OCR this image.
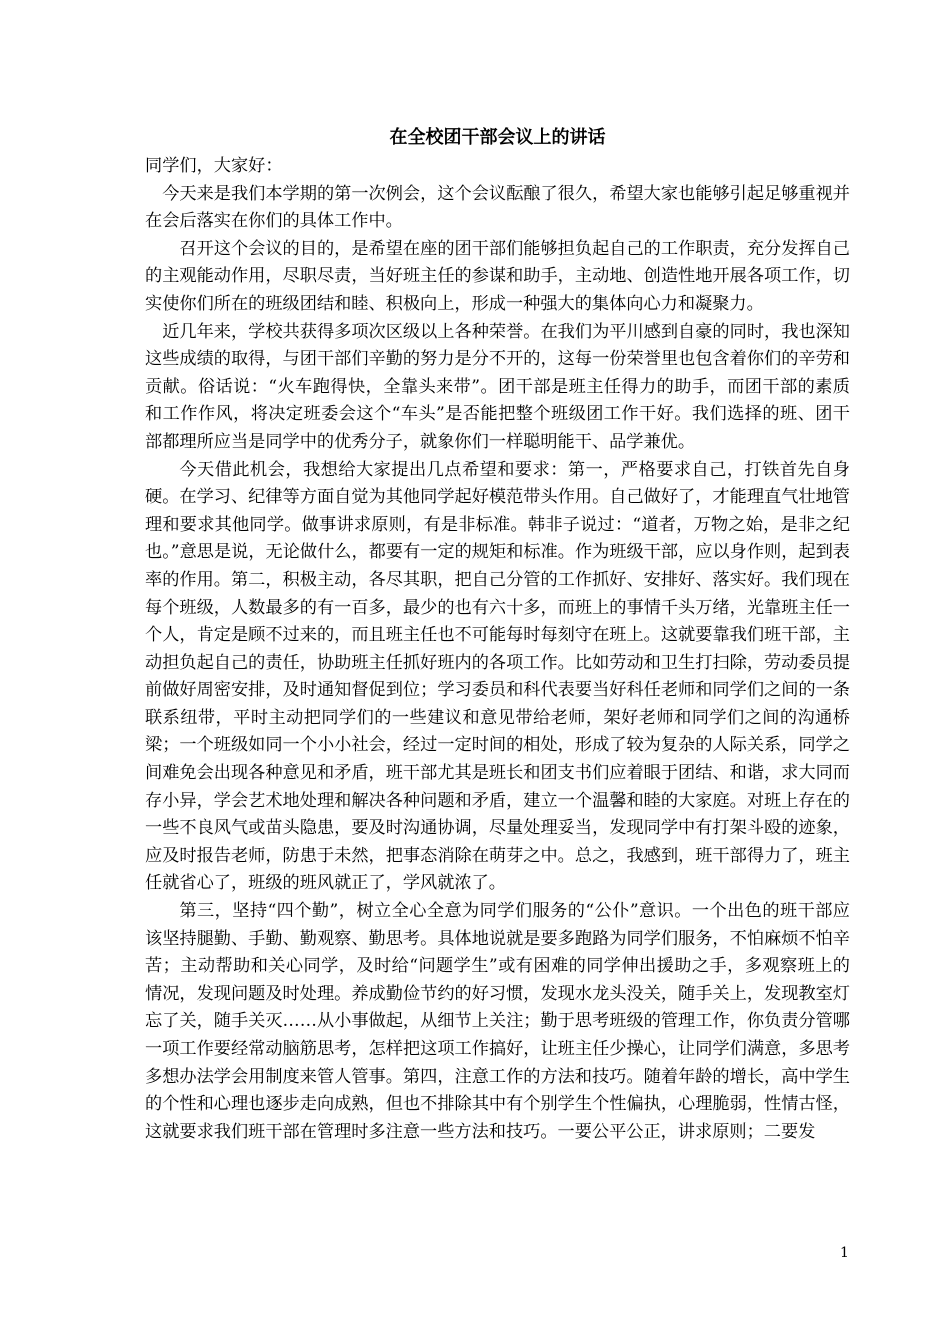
在全校团干部会议上的讲话

同学们，大家好：

今天来是我们本学期的第一次例会，这个会议酝酿了很久，希望大家也能够引起足够重视并在会后落实在你们的具体工作中。

召开这个会议的目的，是希望在座的团干部们能够担负起自己的工作职责，充分发挥自己的主观能动作用，尽职尽责，当好班主任的参谋和助手，主动地、创造性地开展各项工作，切实使你们所在的班级团结和睦、积极向上，形成一种强大的集体向心力和凝聚力。

近几年来，学校共获得多项次区级以上各种荣誉。在我们为平川感到自豪的同时，我也深知这些成绩的取得，与团干部们辛勤的努力是分不开的，这每一份荣誉里也包含着你们的辛劳和贡献。俗话说：“火车跑得快，全靠头来带”。团干部是班主任得力的助手，而团干部的素质和工作作风，将决定班委会这个“车头”是否能把整个班级团工作干好。我们选择的班、团干部都理所应当是同学中的优秀分子，就象你们一样聪明能干、品学兼优。

今天借此机会，我想给大家提出几点希望和要求：第一，严格要求自己，打铁首先自身硬。在学习、纪律等方面自觉为其他同学起好模范带头作用。自己做好了，才能理直气壮地管理和要求其他同学。做事讲求原则，有是非标准。韩非子说过：“道者，万物之始，是非之纪也。”意思是说，无论做什么，都要有一定的规矩和标准。作为班级干部，应以身作则，起到表率的作用。第二，积极主动，各尽其职，把自己分管的工作抓好、安排好、落实好。我们现在每个班级，人数最多的有一百多，最少的也有六十多，而班上的事情千头万绪，光靠班主任一个人，肯定是顾不过来的，而且班主任也不可能每时每刻守在班上。这就要靠我们班干部，主动担负起自己的责任，协助班主任抓好班内的各项工作。比如劳动和卫生打扫除，劳动委员提前做好周密安排，及时通知督促到位；学习委员和科代表要当好科任老师和同学们之间的一条联系纽带，平时主动把同学们的一些建议和意见带给老师，架好老师和同学们之间的沟通桥梁；一个班级如同一个小小社会，经过一定时间的相处，形成了较为复杂的人际关系，同学之间难免会出现各种意见和矛盾，班干部尤其是班长和团支书们应着眼于团结、和谐，求大同而存小异，学会艺术地处理和解决各种问题和矛盾，建立一个温馨和睦的大家庭。对班上存在的一些不良风气或苗头隐患，要及时沟通协调，尽量处理妥当，发现同学中有打架斗殴的迹象，应及时报告老师，防患于未然，把事态消除在萌芽之中。总之，我感到，班干部得力了，班主任就省心了，班级的班风就正了，学风就浓了。

第三，坚持“四个勤”，树立全心全意为同学们服务的“公仆”意识。一个出色的班干部应该坚持腿勤、手勤、勤观察、勤思考。具体地说就是要多跑路为同学们服务，不怕麻烦不怕辛苦；主动帮助和关心同学，及时给“问题学生”或有困难的同学伸出援助之手，多观察班上的情况，发现问题及时处理。养成勤俭节约的好习惯，发现水龙头没关，随手关上，发现教室灯忘了关，随手关灭……从小事做起，从细节上关注；勤于思考班级的管理工作，你负责分管哪一项工作要经常动脑筋思考，怎样把这项工作搞好，让班主任少操心，让同学们满意，多思考多想办法学会用制度来管人管事。第四，注意工作的方法和技巧。随着年龄的增长，高中学生的个性和心理也逐步走向成熟，但也不排除其中有个别学生个性偏执，心理脆弱，性情古怪，这就要求我们班干部在管理时多注意一些方法和技巧。一要公平公正，讲求原则；二要发

1
